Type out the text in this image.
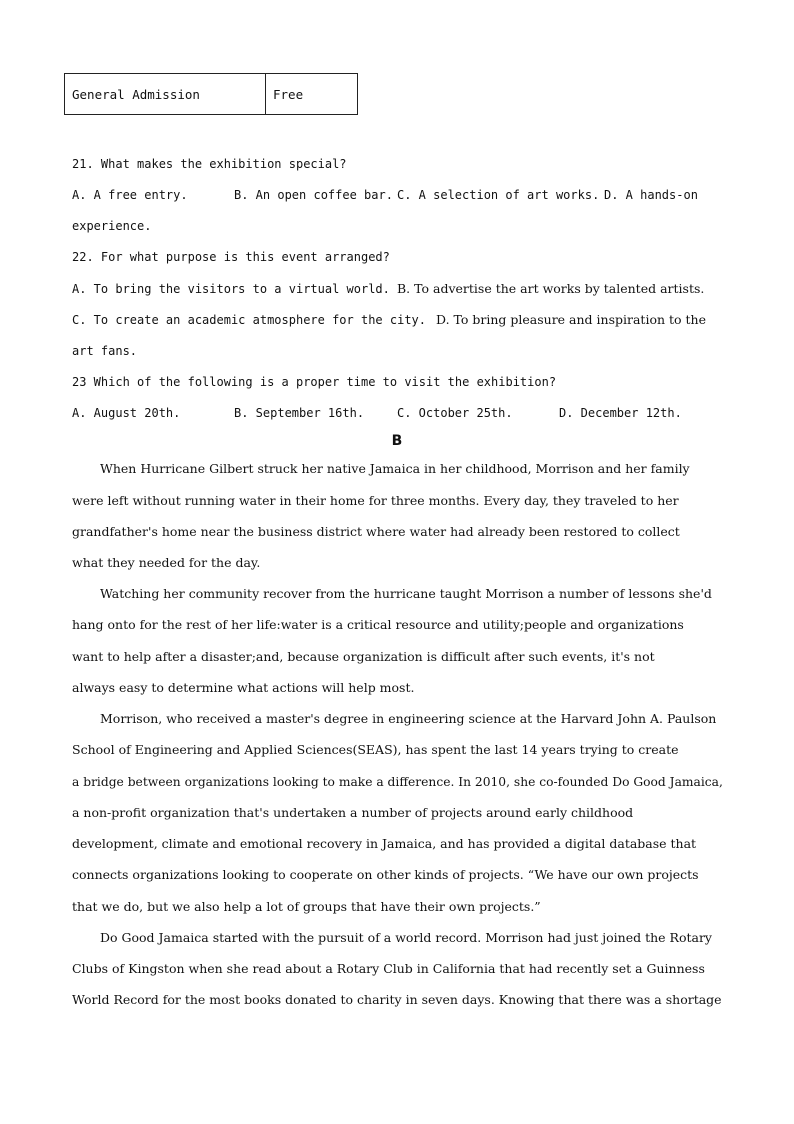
General Admission	Free
21. What makes the exhibition special?
A. A free entry.	B. An open coffee bar. C. A selection of art works. D. A hands-on
experience.
22. For what purpose is this event arranged?
A. To bring the visitors to a virtual world. B. To advertise the art works by talented artists.
C. To create an academic atmosphere for the city. D. To bring pleasure and inspiration to the
art fans.
23 Which of the following is a proper time to visit the exhibition?
A. August 20th.	B. September 16th.	C. October 25th.	D. December 12th.
B
When Hurricane Gilbert struck her native Jamaica in her childhood, Morrison and her family
were left without running water in their home for three months. Every day, they traveled to her
grandfather's home near the business district where water had already been restored to collect
what they needed for the day.
Watching her community recover from the hurricane taught Morrison a number of lessons she'd
hang onto for the rest of her life:water is a critical resource and utility;people and organizations
want to help after a disaster;and, because organization is difficult after such events, it's not
always easy to determine what actions will help most.
Morrison, who received a master's degree in engineering science at the Harvard John A. Paulson
School of Engineering and Applied Sciences(SEAS), has spent the last 14 years trying to create
a bridge between organizations looking to make a difference. In 2010, she co-founded Do Good Jamaica,
a non-profit organization that's undertaken a number of projects around early childhood
development, climate and emotional recovery in Jamaica, and has provided a digital database that
connects organizations looking to cooperate on other kinds of projects. “We have our own projects
that we do, but we also help a lot of groups that have their own projects.”
Do Good Jamaica started with the pursuit of a world record. Morrison had just joined the Rotary
Clubs of Kingston when she read about a Rotary Club in California that had recently set a Guinness
World Record for the most books donated to charity in seven days. Knowing that there was a shortage
